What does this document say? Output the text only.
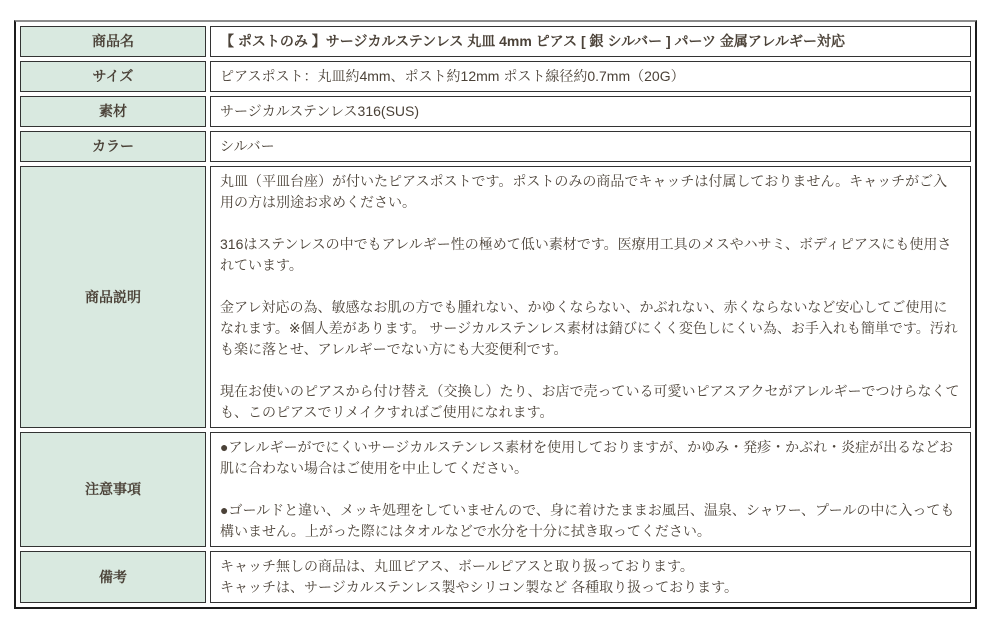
商品名	【 ポストのみ 】サージカルステンレス 丸皿 4mm ピアス [ 銀 シルバー ] パーツ 金属アレルギー対応
サイズ	ピアスポスト：丸皿約4mm、ポスト約12mm ポスト線径約0.7mm（20G）
素材	サージカルステンレス316(SUS)
カラー	シルバー
商品説明	丸皿（平皿台座）が付いたピアスポストです。ポストのみの商品でキャッチは付属しておりません。キャッチがご入用の方は別途お求めください。

316はステンレスの中でもアレルギー性の極めて低い素材です。医療用工具のメスやハサミ、ボディピアスにも使用されています。

金アレ対応の為、敏感なお肌の方でも腫れない、かゆくならない、かぶれない、赤くならないなど安心してご使用になれます。※個人差があります。 サージカルステンレス素材は錆びにくく変色しにくい為、お手入れも簡単です。汚れも楽に落とせ、アレルギーでない方にも大変便利です。

現在お使いのピアスから付け替え（交換し）たり、お店で売っている可愛いピアスアクセがアレルギーでつけらなくても、このピアスでリメイクすればご使用になれます。

注意事項	●アレルギーがでにくいサージカルステンレス素材を使用しておりますが、かゆみ・発疹・かぶれ・炎症が出るなどお肌に合わない場合はご使用を中止してください。

●ゴールドと違い、メッキ処理をしていませんので、身に着けたままお風呂、温泉、シャワー、プールの中に入っても構いません。上がった際にはタオルなどで水分を十分に拭き取ってください。

備考	キャッチ無しの商品は、丸皿ピアス、ボールピアスと取り扱っております。
キャッチは、サージカルステンレス製やシリコン製など 各種取り扱っております。
